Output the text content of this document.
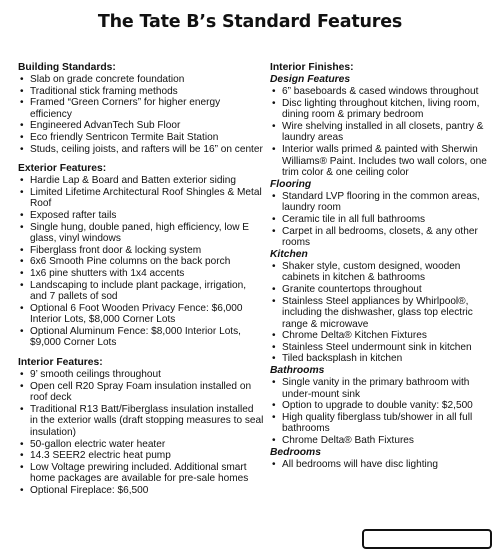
The Tate B’s Standard Features
Building Standards:
• Slab on grade concrete foundation
• Traditional stick framing methods
• Framed “Green Corners” for higher energy efficiency
• Engineered AdvanTech Sub Floor
• Eco friendly Sentricon Termite Bait Station
• Studs, ceiling joists, and rafters will be 16” on center
Exterior Features:
• Hardie Lap & Board and Batten exterior siding
• Limited Lifetime Architectural Roof Shingles & Metal Roof
• Exposed rafter tails
• Single hung, double paned, high efficiency, low E glass, vinyl windows
• Fiberglass front door & locking system
• 6x6 Smooth Pine columns on the back porch
• 1x6 pine shutters with 1x4 accents
• Landscaping to include plant package, irrigation, and 7 pallets of sod
• Optional 6 Foot Wooden Privacy Fence: $6,000 Interior Lots, $8,000 Corner Lots
• Optional Aluminum Fence: $8,000 Interior Lots, $9,000 Corner Lots
Interior Features:
• 9’ smooth ceilings throughout
• Open cell R20 Spray Foam insulation installed on roof deck
• Traditional R13 Batt/Fiberglass insulation installed in the exterior walls (draft stopping measures to seal insulation)
• 50-gallon electric water heater
• 14.3 SEER2 electric heat pump
• Low Voltage prewiring included. Additional smart home packages are available for pre-sale homes
• Optional Fireplace: $6,500
Interior Finishes:
Design Features
• 6” baseboards & cased windows throughout
• Disc lighting throughout kitchen, living room, dining room & primary bedroom
• Wire shelving installed in all closets, pantry & laundry areas
• Interior walls primed & painted with Sherwin Williams® Paint. Includes two wall colors, one trim color & one ceiling color
Flooring
• Standard LVP flooring in the common areas, laundry room
• Ceramic tile in all full bathrooms
• Carpet in all bedrooms, closets, & any other rooms
Kitchen
• Shaker style, custom designed, wooden cabinets in kitchen & bathrooms
• Granite countertops throughout
• Stainless Steel appliances by Whirlpool®, including the dishwasher, glass top electric range & microwave
• Chrome Delta® Kitchen Fixtures
• Stainless Steel undermount sink in kitchen
• Tiled backsplash in kitchen
Bathrooms
• Single vanity in the primary bathroom with under-mount sink
• Option to upgrade to double vanity: $2,500
• High quality fiberglass tub/shower in all full bathrooms
• Chrome Delta® Bath Fixtures
Bedrooms
• All bedrooms will have disc lighting
